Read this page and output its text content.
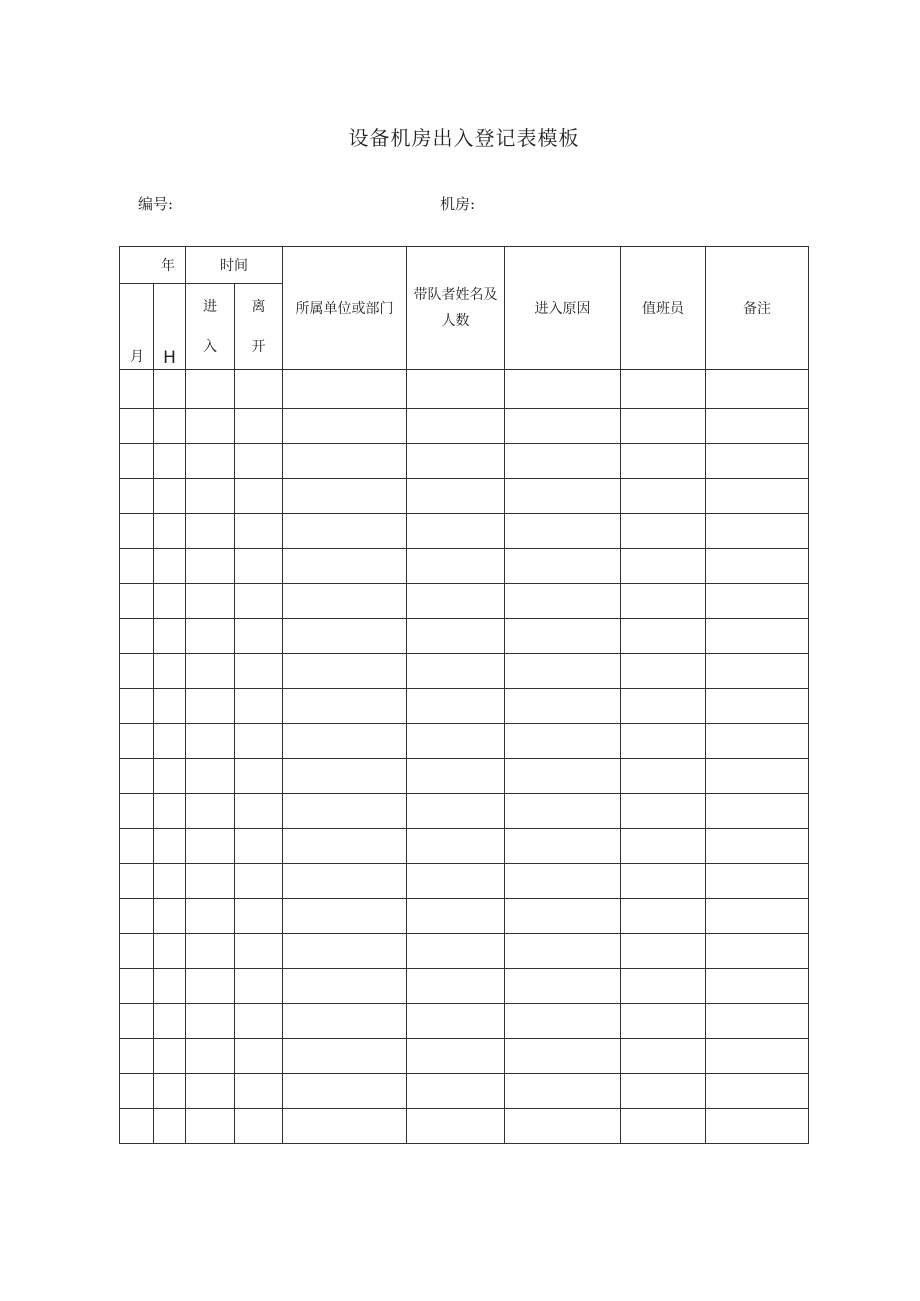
设备机房出入登记表模板
编号:	机房:
年		时间		所属单位或部门	带队者姓名及人数	进入原因	值班员	备注
月	H	进入	离开					
